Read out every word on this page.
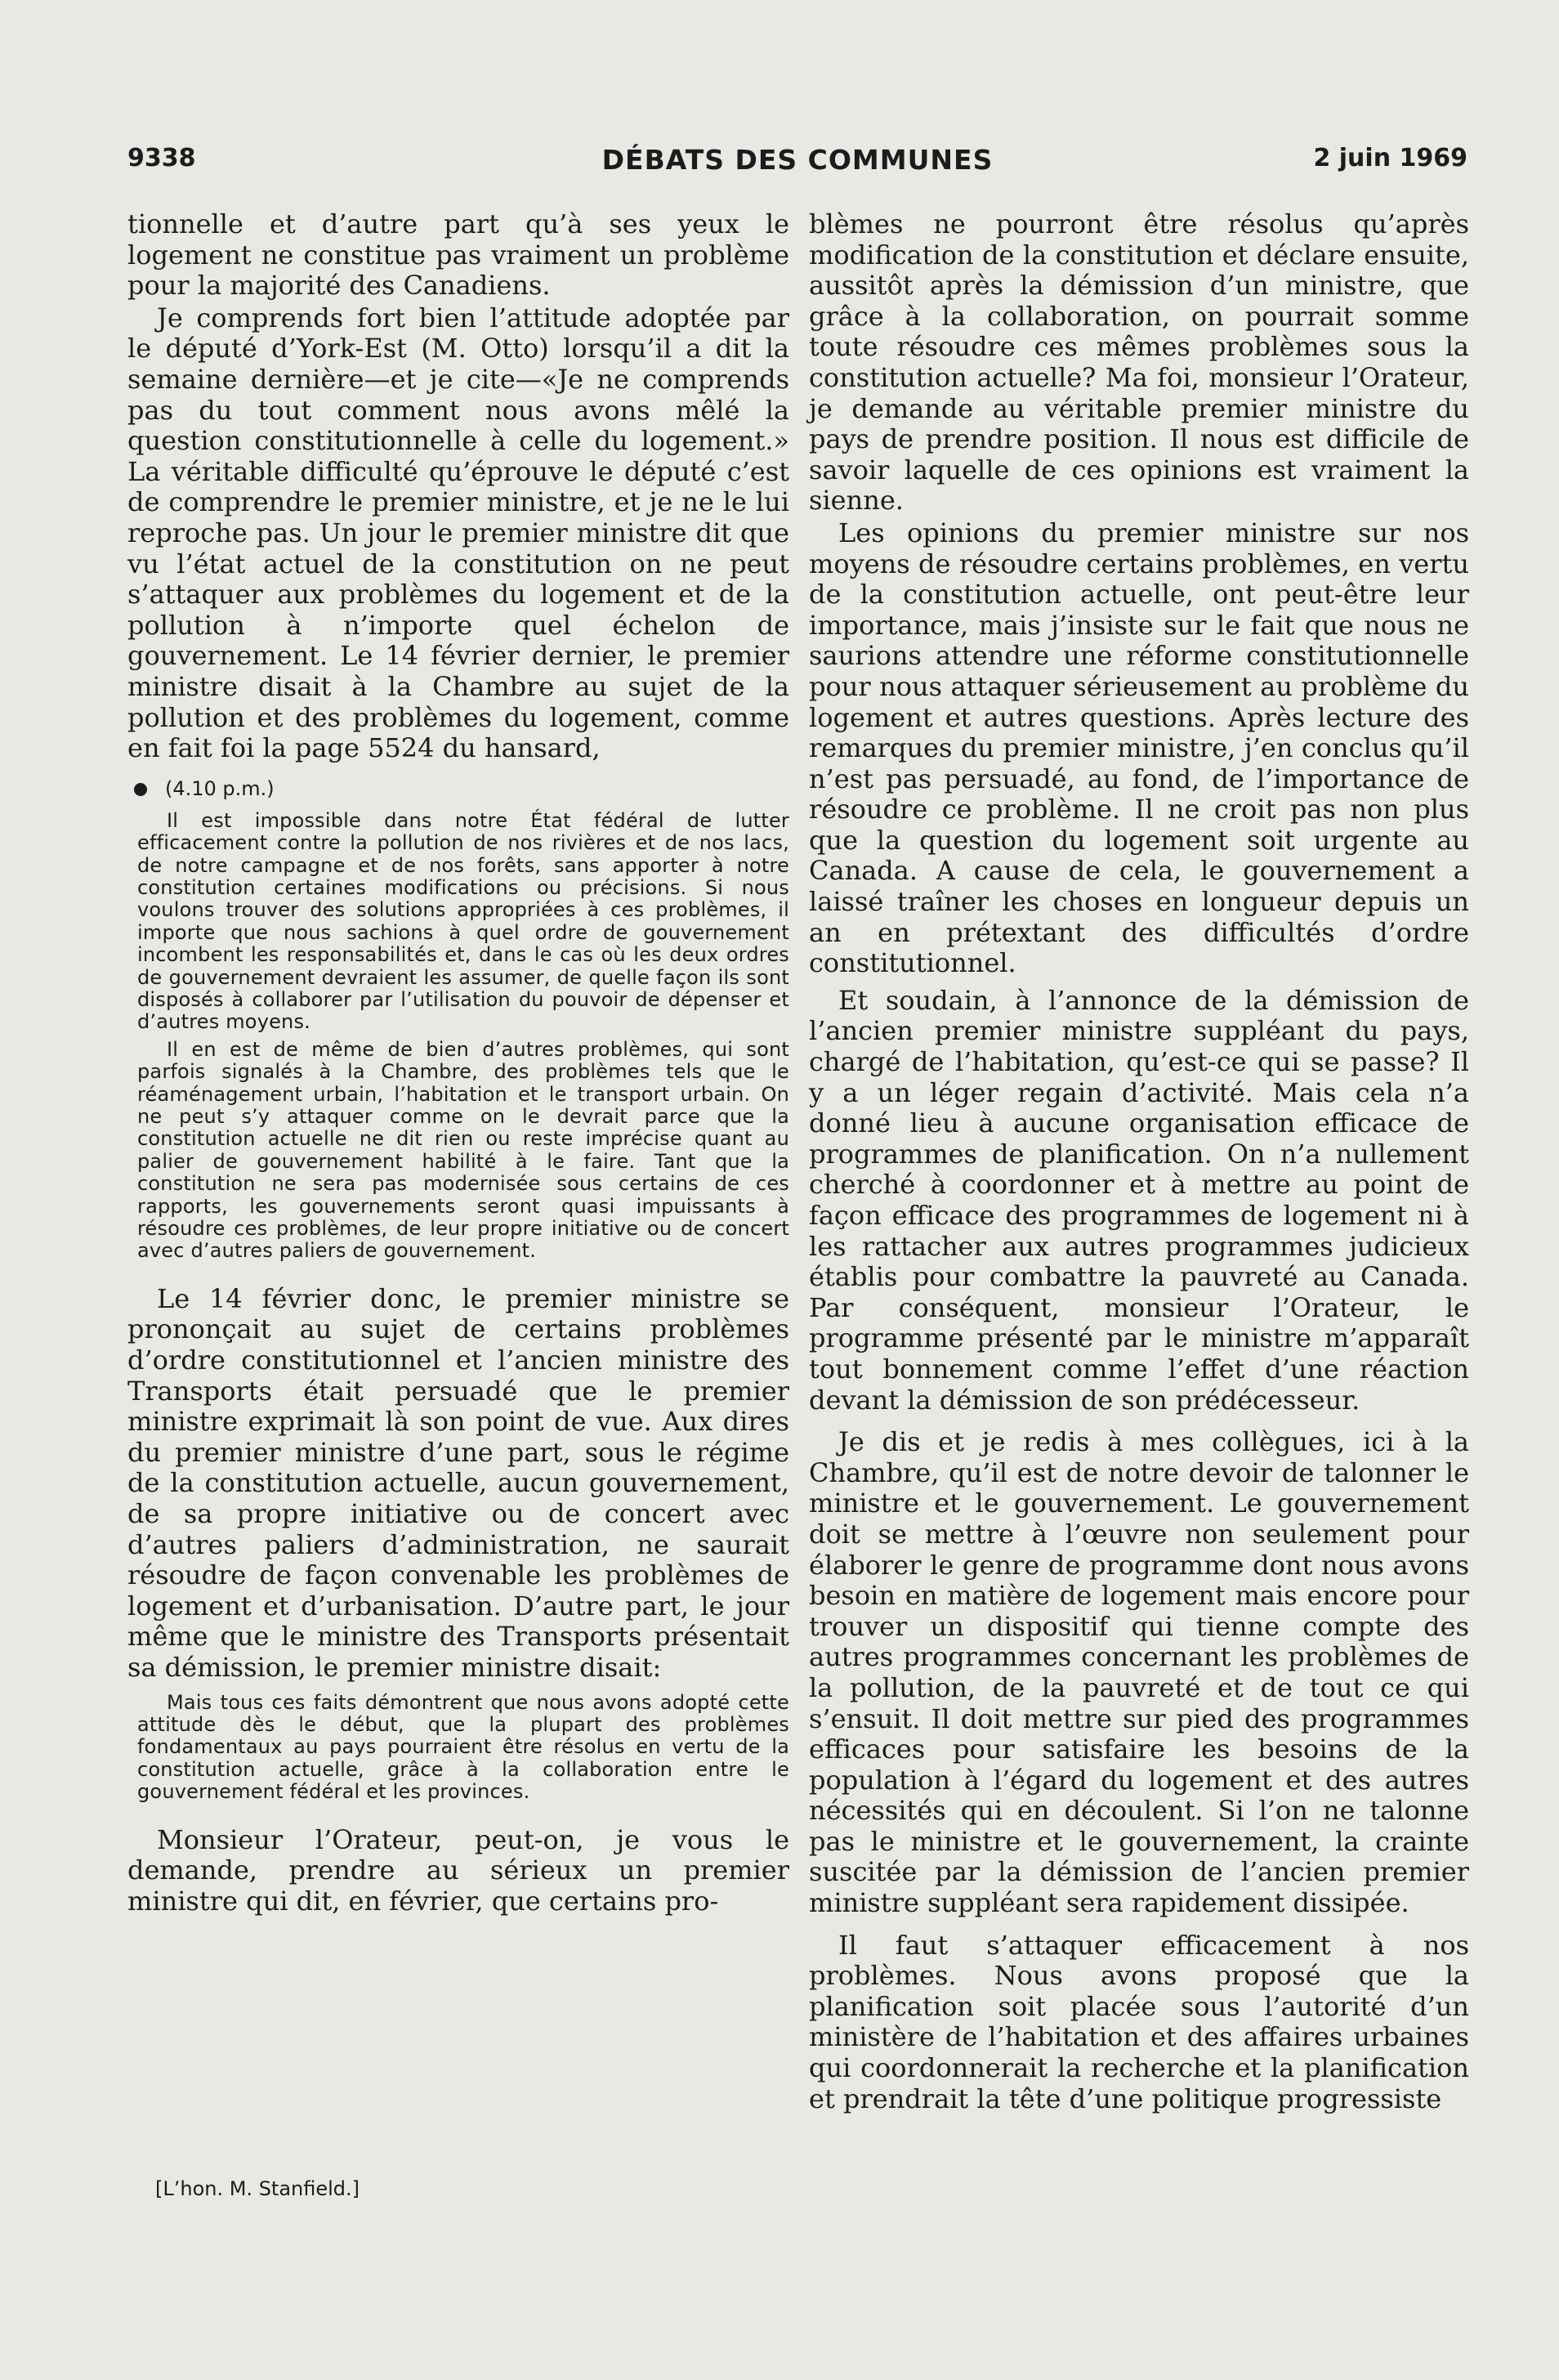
9338	DÉBATS DES COMMUNES	2 juin 1969

tionnelle et d’autre part qu’à ses yeux le logement ne constitue pas vraiment un problème pour la majorité des Canadiens.

Je comprends fort bien l’attitude adoptée par le député d’York-Est (M. Otto) lorsqu’il a dit la semaine dernière—et je cite—«Je ne comprends pas du tout comment nous avons mêlé la question constitutionnelle à celle du logement.» La véritable difficulté qu’éprouve le député c’est de comprendre le premier ministre, et je ne le lui reproche pas. Un jour le premier ministre dit que vu l’état actuel de la constitution on ne peut s’attaquer aux problèmes du logement et de la pollution à n’importe quel échelon de gouvernement. Le 14 février dernier, le premier ministre disait à la Chambre au sujet de la pollution et des problèmes du logement, comme en fait foi la page 5524 du hansard,

(4.10 p.m.)

Il est impossible dans notre État fédéral de lutter efficacement contre la pollution de nos rivières et de nos lacs, de notre campagne et de nos forêts, sans apporter à notre constitution certaines modifications ou précisions. Si nous voulons trouver des solutions appropriées à ces problèmes, il importe que nous sachions à quel ordre de gouvernement incombent les responsabilités et, dans le cas où les deux ordres de gouvernement devraient les assumer, de quelle façon ils sont disposés à collaborer par l’utilisation du pouvoir de dépenser et d’autres moyens.

Il en est de même de bien d’autres problèmes, qui sont parfois signalés à la Chambre, des problèmes tels que le réaménagement urbain, l’habitation et le transport urbain. On ne peut s’y attaquer comme on le devrait parce que la constitution actuelle ne dit rien ou reste imprécise quant au palier de gouvernement habilité à le faire. Tant que la constitution ne sera pas modernisée sous certains de ces rapports, les gouvernements seront quasi impuissants à résoudre ces problèmes, de leur propre initiative ou de concert avec d’autres paliers de gouvernement.

Le 14 février donc, le premier ministre se prononçait au sujet de certains problèmes d’ordre constitutionnel et l’ancien ministre des Transports était persuadé que le premier ministre exprimait là son point de vue. Aux dires du premier ministre d’une part, sous le régime de la constitution actuelle, aucun gouvernement, de sa propre initiative ou de concert avec d’autres paliers d’administration, ne saurait résoudre de façon convenable les problèmes de logement et d’urbanisation. D’autre part, le jour même que le ministre des Transports présentait sa démission, le premier ministre disait:

Mais tous ces faits démontrent que nous avons adopté cette attitude dès le début, que la plupart des problèmes fondamentaux au pays pourraient être résolus en vertu de la constitution actuelle, grâce à la collaboration entre le gouvernement fédéral et les provinces.

Monsieur l’Orateur, peut-on, je vous le demande, prendre au sérieux un premier ministre qui dit, en février, que certains pro-

[L’hon. M. Stanfield.]

blèmes ne pourront être résolus qu’après modification de la constitution et déclare ensuite, aussitôt après la démission d’un ministre, que grâce à la collaboration, on pourrait somme toute résoudre ces mêmes problèmes sous la constitution actuelle? Ma foi, monsieur l’Orateur, je demande au véritable premier ministre du pays de prendre position. Il nous est difficile de savoir laquelle de ces opinions est vraiment la sienne.

Les opinions du premier ministre sur nos moyens de résoudre certains problèmes, en vertu de la constitution actuelle, ont peut-être leur importance, mais j’insiste sur le fait que nous ne saurions attendre une réforme constitutionnelle pour nous attaquer sérieusement au problème du logement et autres questions. Après lecture des remarques du premier ministre, j’en conclus qu’il n’est pas persuadé, au fond, de l’importance de résoudre ce problème. Il ne croit pas non plus que la question du logement soit urgente au Canada. A cause de cela, le gouvernement a laissé traîner les choses en longueur depuis un an en prétextant des difficultés d’ordre constitutionnel.

Et soudain, à l’annonce de la démission de l’ancien premier ministre suppléant du pays, chargé de l’habitation, qu’est-ce qui se passe? Il y a un léger regain d’activité. Mais cela n’a donné lieu à aucune organisation efficace de programmes de planification. On n’a nullement cherché à coordonner et à mettre au point de façon efficace des programmes de logement ni à les rattacher aux autres programmes judicieux établis pour combattre la pauvreté au Canada. Par conséquent, monsieur l’Orateur, le programme présenté par le ministre m’apparaît tout bonnement comme l’effet d’une réaction devant la démission de son prédécesseur.

Je dis et je redis à mes collègues, ici à la Chambre, qu’il est de notre devoir de talonner le ministre et le gouvernement. Le gouvernement doit se mettre à l’œuvre non seulement pour élaborer le genre de programme dont nous avons besoin en matière de logement mais encore pour trouver un dispositif qui tienne compte des autres programmes concernant les problèmes de la pollution, de la pauvreté et de tout ce qui s’ensuit. Il doit mettre sur pied des programmes efficaces pour satisfaire les besoins de la population à l’égard du logement et des autres nécessités qui en découlent. Si l’on ne talonne pas le ministre et le gouvernement, la crainte suscitée par la démission de l’ancien premier ministre suppléant sera rapidement dissipée.

Il faut s’attaquer efficacement à nos problèmes. Nous avons proposé que la planification soit placée sous l’autorité d’un ministère de l’habitation et des affaires urbaines qui coordonnerait la recherche et la planification et prendrait la tête d’une politique progressiste
